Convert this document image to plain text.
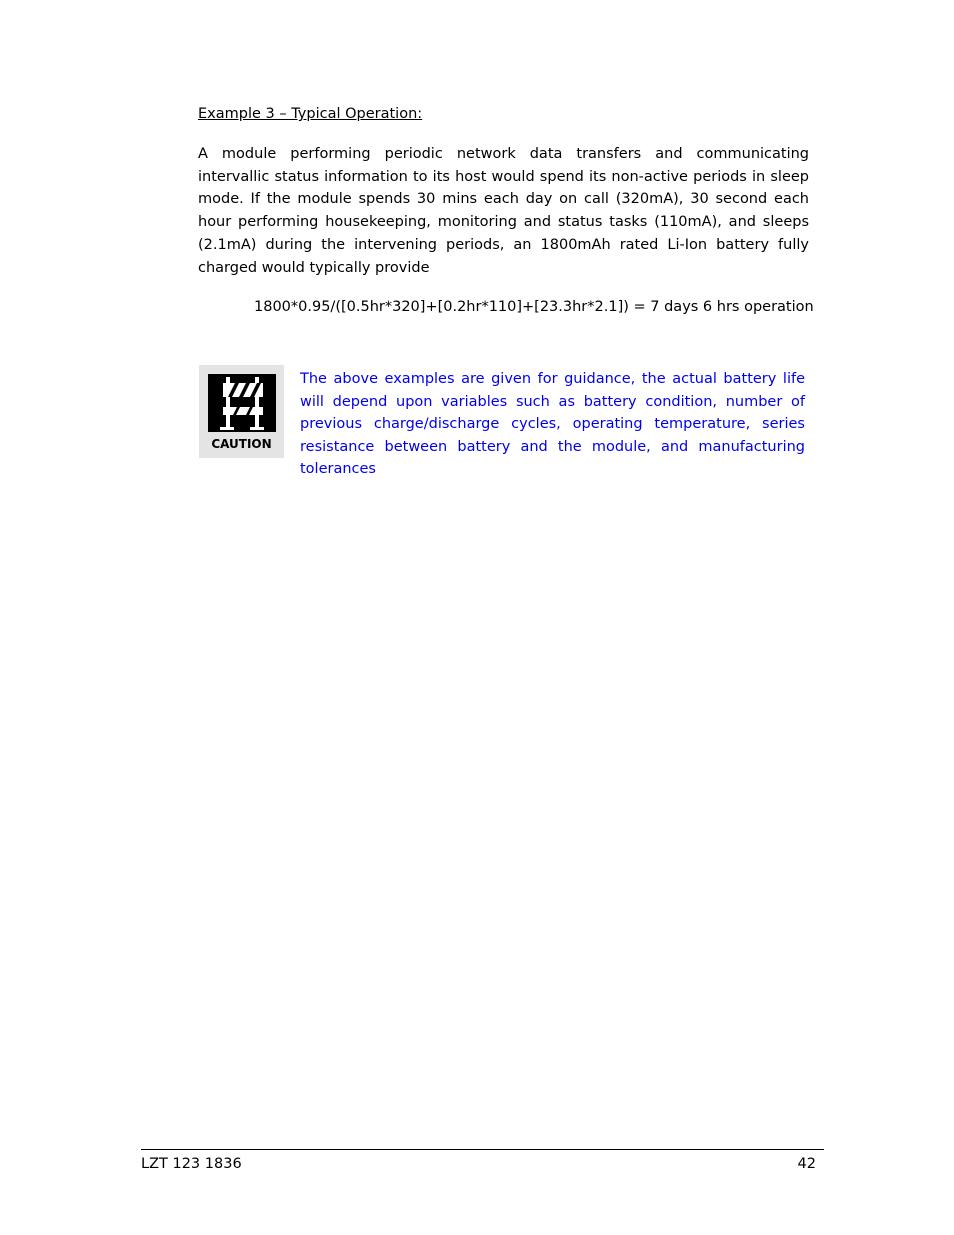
Example 3 – Typical Operation:
A module performing periodic network data transfers and communicating intervallic status information to its host would spend its non-active periods in sleep mode. If the module spends 30 mins each day on call (320mA), 30 second each hour performing housekeeping, monitoring and status tasks (110mA), and sleeps (2.1mA) during the intervening periods, an 1800mAh rated Li-Ion battery fully charged would typically provide
1800*0.95/([0.5hr*320]+[0.2hr*110]+[23.3hr*2.1]) = 7 days 6 hrs operation
CAUTION
The above examples are given for guidance, the actual battery life will depend upon variables such as battery condition, number of previous charge/discharge cycles, operating temperature, series resistance between battery and the module, and manufacturing tolerances
LZT 123 1836	42
